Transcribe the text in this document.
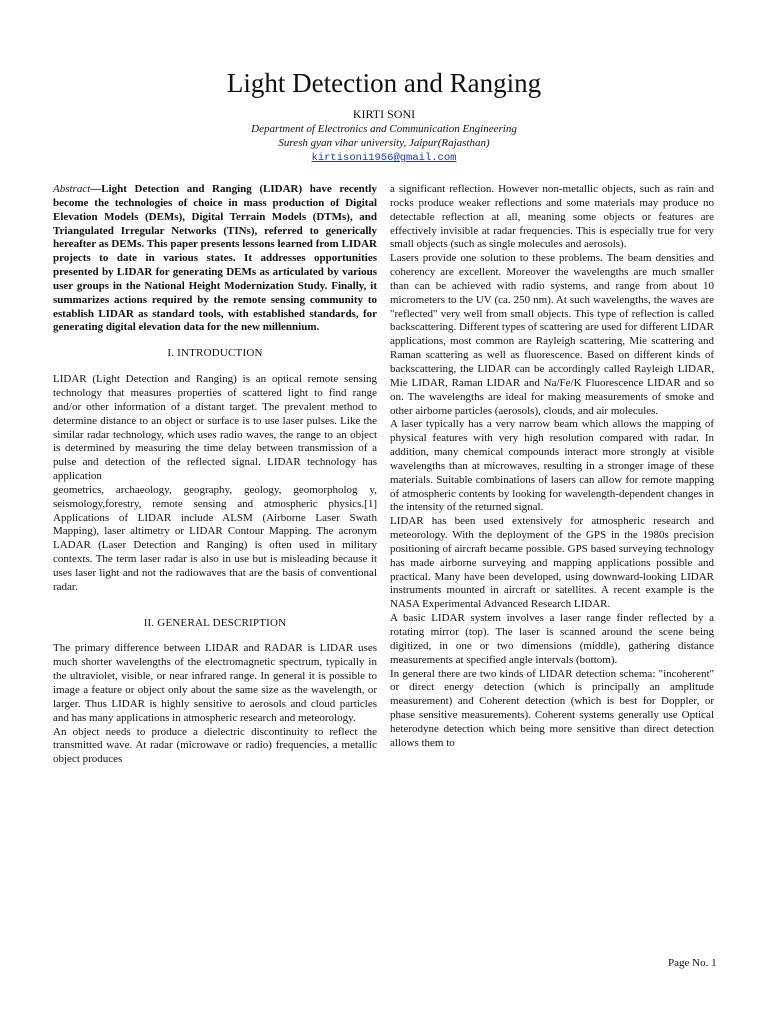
Light Detection and Ranging
KIRTI SONI
Department of Electronics and Communication Engineering
Suresh gyan vihar university, Jaipur(Rajasthan)
kirtisoni1956@gmail.com

Abstract—Light Detection and Ranging (LIDAR) have recently become the technologies of choice in mass production of Digital Elevation Models (DEMs), Digital Terrain Models (DTMs), and Triangulated Irregular Networks (TINs), referred to generically hereafter as DEMs. This paper presents lessons learned from LIDAR projects to date in various states. It addresses opportunities presented by LIDAR for generating DEMs as articulated by various user groups in the National Height Modernization Study. Finally, it summarizes actions required by the remote sensing community to establish LIDAR as standard tools, with established standards, for generating digital elevation data for the new millennium.

I. INTRODUCTION

LIDAR (Light Detection and Ranging) is an optical remote sensing technology that measures properties of scattered light to find range and/or other information of a distant target. The prevalent method to determine distance to an object or surface is to use laser pulses. Like the similar radar technology, which uses radio waves, the range to an object is determined by measuring the time delay between transmission of a pulse and detection of the reflected signal. LIDAR technology has application

geometrics, archaeology, geography, geology, geomorpholog y, seismology,forestry, remote sensing and atmospheric physics.[1] Applications of LIDAR include ALSM (Airborne Laser Swath Mapping), laser altimetry or LIDAR Contour Mapping. The acronym LADAR (Laser Detection and Ranging) is often used in military contexts. The term laser radar is also in use but is misleading because it uses laser light and not the radiowaves that are the basis of conventional radar.

II. GENERAL DESCRIPTION

The primary difference between LIDAR and RADAR is LIDAR uses much shorter wavelengths of the electromagnetic spectrum, typically in the ultraviolet, visible, or near infrared range. In general it is possible to image a feature or object only about the same size as the wavelength, or larger. Thus LIDAR is highly sensitive to aerosols and cloud particles and has many applications in atmospheric research and meteorology.

An object needs to produce a dielectric discontinuity to reflect the transmitted wave. At radar (microwave or radio) frequencies, a metallic object produces

a significant reflection. However non-metallic objects, such as rain and rocks produce weaker reflections and some materials may produce no detectable reflection at all, meaning some objects or features are effectively invisible at radar frequencies. This is especially true for very small objects (such as single molecules and aerosols).

Lasers provide one solution to these problems. The beam densities and coherency are excellent. Moreover the wavelengths are much smaller than can be achieved with radio systems, and range from about 10 micrometers to the UV (ca. 250 nm). At such wavelengths, the waves are "reflected" very well from small objects. This type of reflection is called backscattering. Different types of scattering are used for different LIDAR applications, most common are Rayleigh scattering, Mie scattering and Raman scattering as well as fluorescence. Based on different kinds of backscattering, the LIDAR can be accordingly called Rayleigh LIDAR, Mie LIDAR, Raman LIDAR and Na/Fe/K Fluorescence LIDAR and so on. The wavelengths are ideal for making measurements of smoke and other airborne particles (aerosols), clouds, and air molecules.

A laser typically has a very narrow beam which allows the mapping of physical features with very high resolution compared with radar. In addition, many chemical compounds interact more strongly at visible wavelengths than at microwaves, resulting in a stronger image of these materials. Suitable combinations of lasers can allow for remote mapping of atmospheric contents by looking for wavelength-dependent changes in the intensity of the returned signal.

LIDAR has been used extensively for atmospheric research and meteorology. With the deployment of the GPS in the 1980s precision positioning of aircraft became possible. GPS based surveying technology has made airborne surveying and mapping applications possible and practical. Many have been developed, using downward-looking LIDAR instruments mounted in aircraft or satellites. A recent example is the NASA Experimental Advanced Research LIDAR.

A basic LIDAR system involves a laser range finder reflected by a rotating mirror (top). The laser is scanned around the scene being digitized, in one or two dimensions (middle), gathering distance measurements at specified angle intervals (bottom).

In general there are two kinds of LIDAR detection schema: "incoherent" or direct energy detection (which is principally an amplitude measurement) and Coherent detection (which is best for Doppler, or phase sensitive measurements). Coherent systems generally use Optical heterodyne detection which being more sensitive than direct detection allows them to

Page No. 1
